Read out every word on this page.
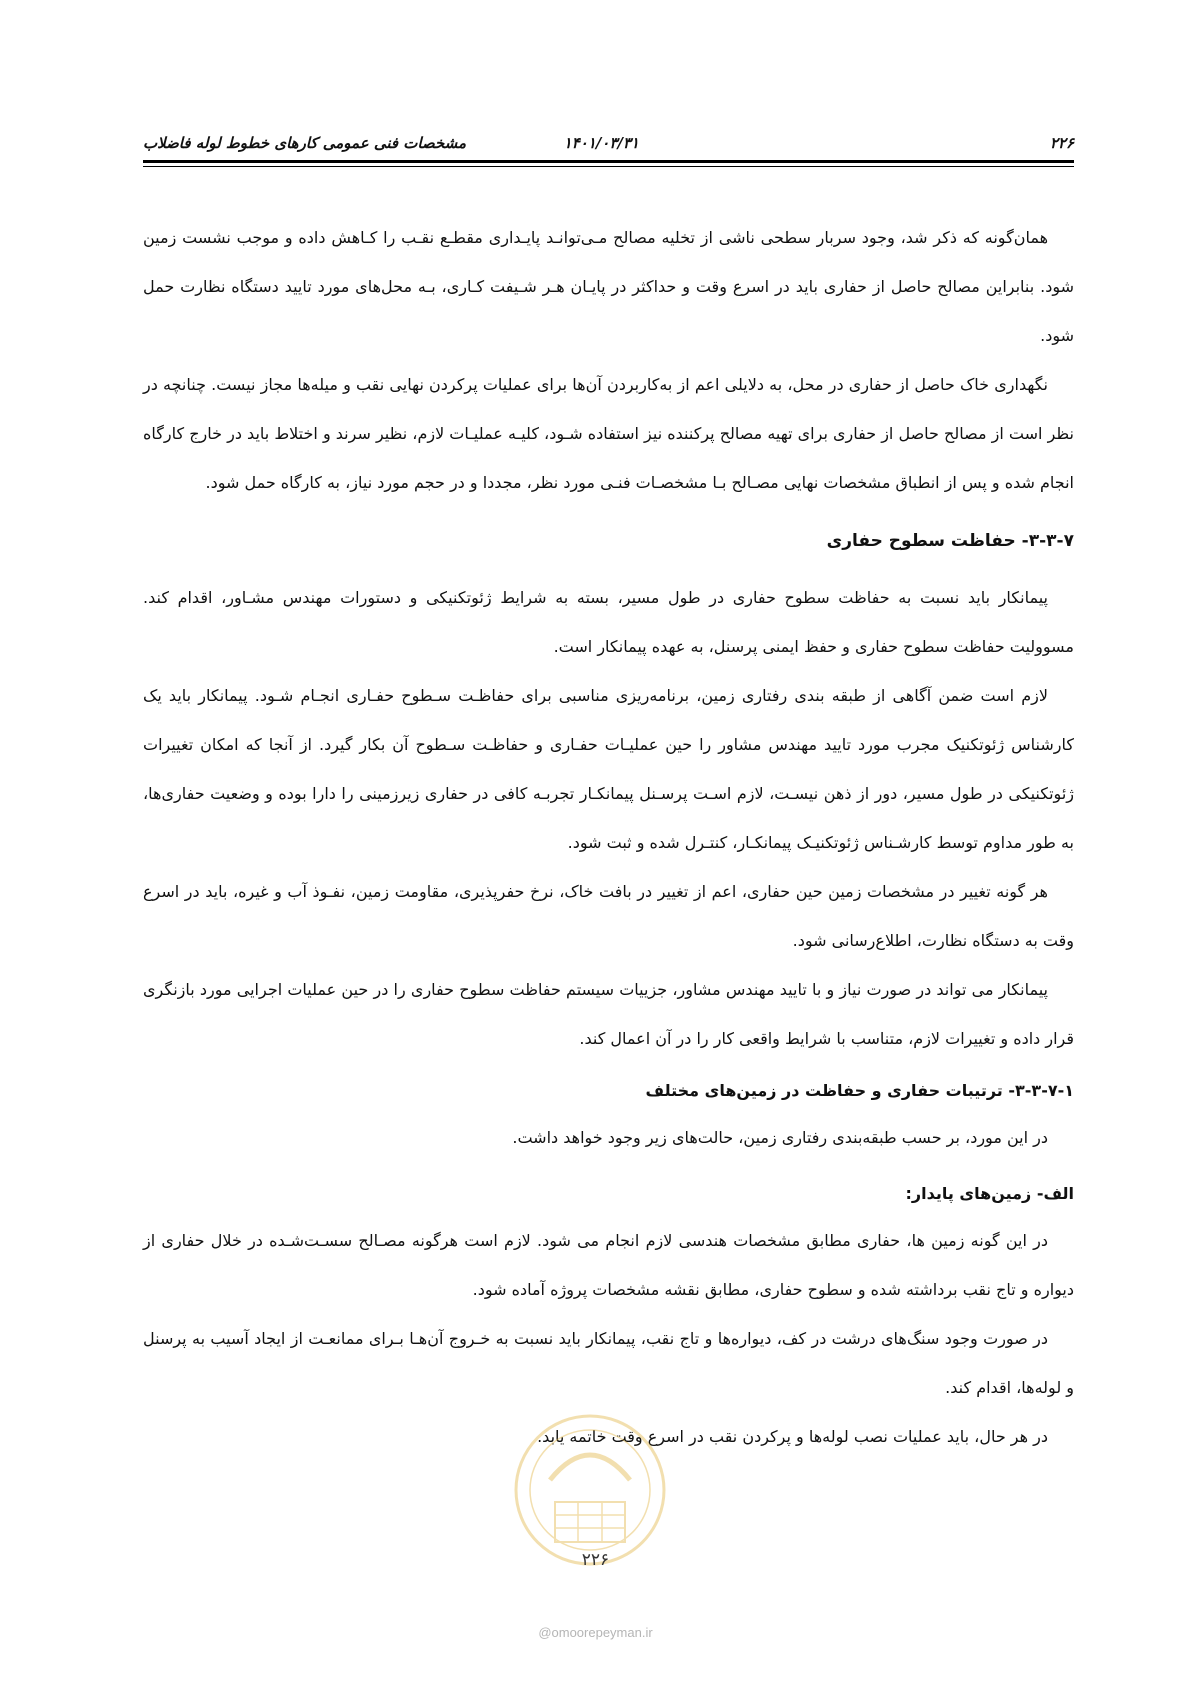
۲۲۶
۱۴۰۱/۰۳/۳۱
مشخصات فنی عمومی کارهای خطوط لوله فاضلاب

همان‌گونه که ذکر شد، وجود سربار سطحی ناشی از تخلیه مصالح مـی‌توانـد پایـداری مقطـع نقـب را کـاهش داده و موجب نشست زمین شود. بنابراین مصالح حاصل از حفاری باید در اسرع وقت و حداکثر در پایـان هـر شـیفت کـاری، بـه محل‌های مورد تایید دستگاه نظارت حمل شود.

نگهداری خاک حاصل از حفاری در محل، به دلایلی اعم از به‌کاربردن آن‌ها برای عملیات پرکردن نهایی نقب و میله‌ها مجاز نیست. چنانچه در نظر است از مصالح حاصل از حفاری برای تهیه مصالح پرکننده نیز استفاده شـود، کلیـه عملیـات لازم، نظیر سرند و اختلاط باید در خارج کارگاه انجام شده و پس از انطباق مشخصات نهایی مصـالح بـا مشخصـات فنـی مورد نظر، مجددا و در حجم مورد نیاز، به کارگاه حمل شود.

۳-۳-۷- حفاظت سطوح حفاری

پیمانکار باید نسبت به حفاظت سطوح حفاری در طول مسیر، بسته به شرایط ژئوتکنیکی و دستورات مهندس مشـاور، اقدام کند. مسوولیت حفاظت سطوح حفاری و حفظ ایمنی پرسنل، به عهده پیمانکار است.

لازم است ضمن آگاهی از طبقه بندی رفتاری زمین، برنامه‌ریزی مناسبی برای حفاظـت سـطوح حفـاری انجـام شـود. پیمانکار باید یک کارشناس ژئوتکنیک مجرب مورد تایید مهندس مشاور را حین عملیـات حفـاری و حفاظـت سـطوح آن بکار گیرد. از آنجا که امکان تغییرات ژئوتکنیکی در طول مسیر، دور از ذهن نیسـت، لازم اسـت پرسـنل پیمانکـار تجربـه کافی در حفاری زیرزمینی را دارا بوده و وضعیت حفاری‌ها، به طور مداوم توسط کارشـناس ژئوتکنیـک پیمانکـار، کنتـرل شده و ثبت شود.

هر گونه تغییر در مشخصات زمین حین حفاری، اعم از تغییر در بافت خاک، نرخ حفرپذیری، مقاومت زمین، نفـوذ آب و غیره، باید در اسرع وقت به دستگاه نظارت، اطلاع‌رسانی شود.

پیمانکار می تواند در صورت نیاز و با تایید مهندس مشاور، جزییات سیستم حفاظت سطوح حفاری را در حین عملیات اجرایی مورد بازنگری قرار داده و تغییرات لازم، متناسب با شرایط واقعی کار را در آن اعمال کند.

۳-۳-۷-۱- ترتیبات حفاری و حفاظت در زمین‌های مختلف

در این مورد، بر حسب طبقه‌بندی رفتاری زمین، حالت‌های زیر وجود خواهد داشت.

الف- زمین‌های پایدار:

در این گونه زمین ها، حفاری مطابق مشخصات هندسی لازم انجام می شود. لازم است هرگونه مصـالح سسـت‌شـده در خلال حفاری از دیواره و تاج نقب برداشته شده و سطوح حفاری، مطابق نقشه مشخصات پروژه آماده شود.

در صورت وجود سنگ‌های درشت در کف، دیواره‌ها و تاج نقب، پیمانکار باید نسبت به خـروج آن‌هـا بـرای ممانعـت از ایجاد آسیب به پرسنل و لوله‌ها، اقدام کند.

در هر حال، باید عملیات نصب لوله‌ها و پرکردن نقب در اسرع وقت خاتمه یابد.

۲۲۶
@omoorepeyman.ir
